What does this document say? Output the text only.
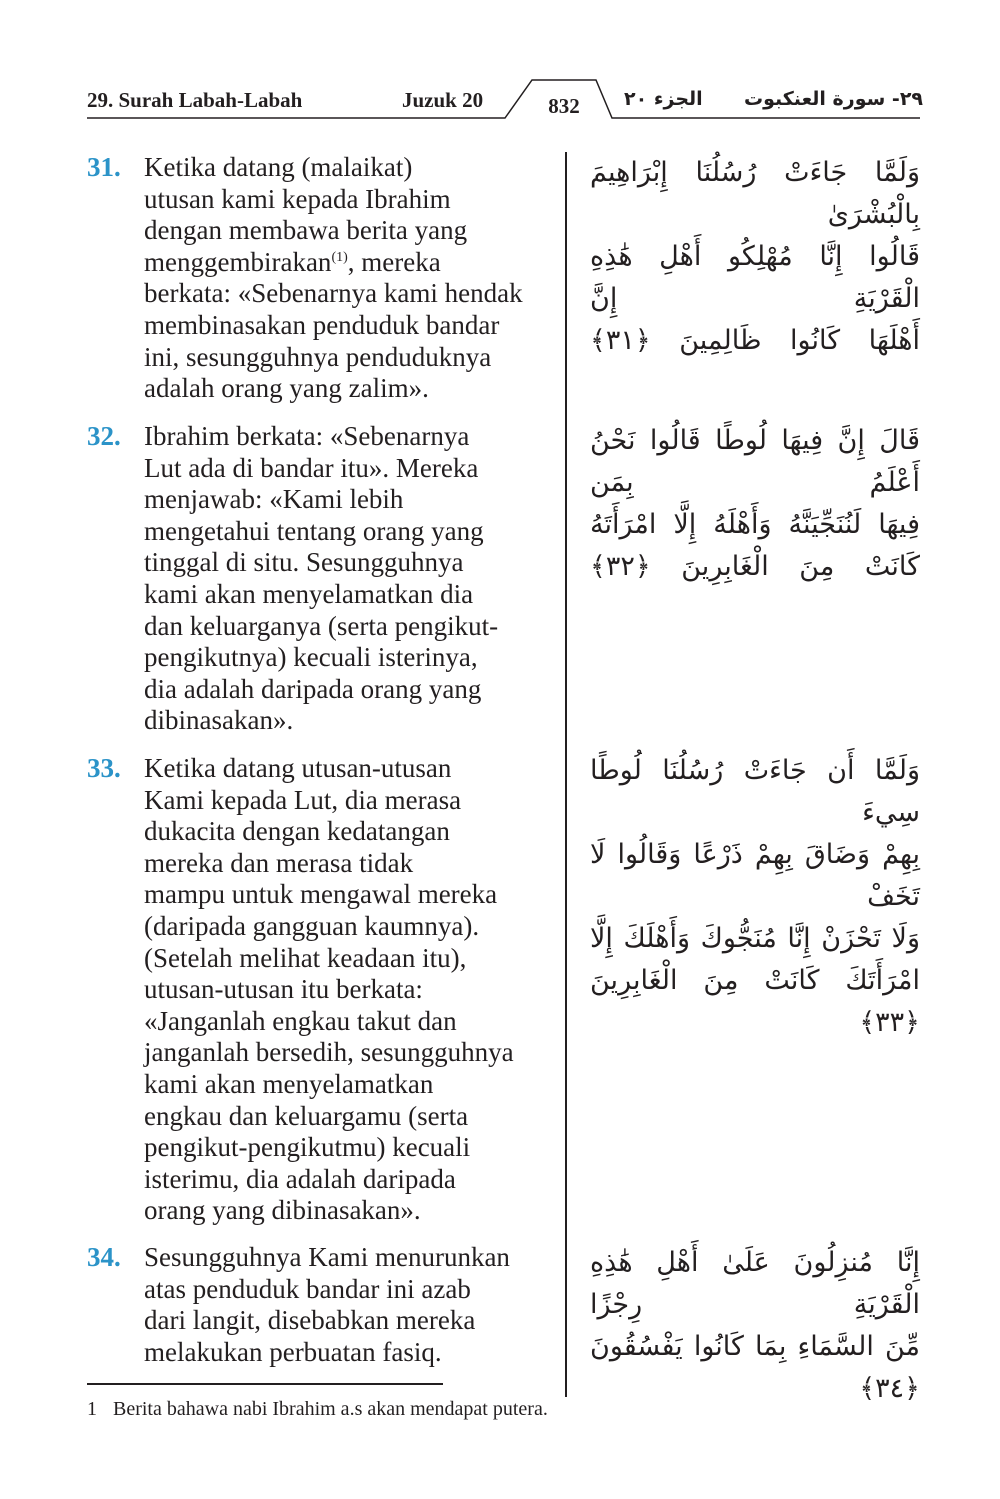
29. Surah Labah-Labah	Juzuk 20	832	الجزء ٢٠ ٢٩- سورة العنكبوت
31. Ketika datang (malaikat)
utusan kami kepada Ibrahim
dengan membawa berita yang
menggembirakan$^{(1)}$, mereka
berkata: «Sebenarnya kami hendak
membinasakan penduduk bandar
ini, sesungguhnya penduduknya
adalah orang yang zalim».
وَلَمَّا جَاءَتْ رُسُلُنَا إِبْرَاهِيمَ بِالْبُشْرَىٰ
قَالُوا إِنَّا مُهْلِكُو أَهْلِ هَٰذِهِ الْقَرْيَةِ إِنَّ
أَهْلَهَا كَانُوا ظَالِمِينَ ﴿٣١﴾
32. Ibrahim berkata: «Sebenarnya
Lut ada di bandar itu». Mereka
menjawab: «Kami lebih
mengetahui tentang orang yang
tinggal di situ. Sesungguhnya
kami akan menyelamatkan dia
dan keluarganya (serta pengikut-
pengikutnya) kecuali isterinya,
dia adalah daripada orang yang
dibinasakan».
قَالَ إِنَّ فِيهَا لُوطًا قَالُوا نَحْنُ أَعْلَمُ بِمَن
فِيهَا لَنُنَجِّيَنَّهُ وَأَهْلَهُ إِلَّا امْرَأَتَهُ
كَانَتْ مِنَ الْغَابِرِينَ ﴿٣٢﴾
33. Ketika datang utusan-utusan
Kami kepada Lut, dia merasa
dukacita dengan kedatangan
mereka dan merasa tidak
mampu untuk mengawal mereka
(daripada gangguan kaumnya).
(Setelah melihat keadaan itu),
utusan-utusan itu berkata:
«Janganlah engkau takut dan
janganlah bersedih, sesungguhnya
kami akan menyelamatkan
engkau dan keluargamu (serta
pengikut-pengikutmu) kecuali
isterimu, dia adalah daripada
orang yang dibinasakan».
وَلَمَّا أَن جَاءَتْ رُسُلُنَا لُوطًا سِيءَ
بِهِمْ وَضَاقَ بِهِمْ ذَرْعًا وَقَالُوا لَا تَخَفْ
وَلَا تَحْزَنْ إِنَّا مُنَجُّوكَ وَأَهْلَكَ إِلَّا
امْرَأَتَكَ كَانَتْ مِنَ الْغَابِرِينَ ﴿٣٣﴾
34. Sesungguhnya Kami menurunkan
atas penduduk bandar ini azab
dari langit, disebabkan mereka
melakukan perbuatan fasiq.
إِنَّا مُنزِلُونَ عَلَىٰ أَهْلِ هَٰذِهِ الْقَرْيَةِ رِجْزًا
مِّنَ السَّمَاءِ بِمَا كَانُوا يَفْسُقُونَ ﴿٣٤﴾
1 Berita bahawa nabi Ibrahim a.s akan mendapat putera.
